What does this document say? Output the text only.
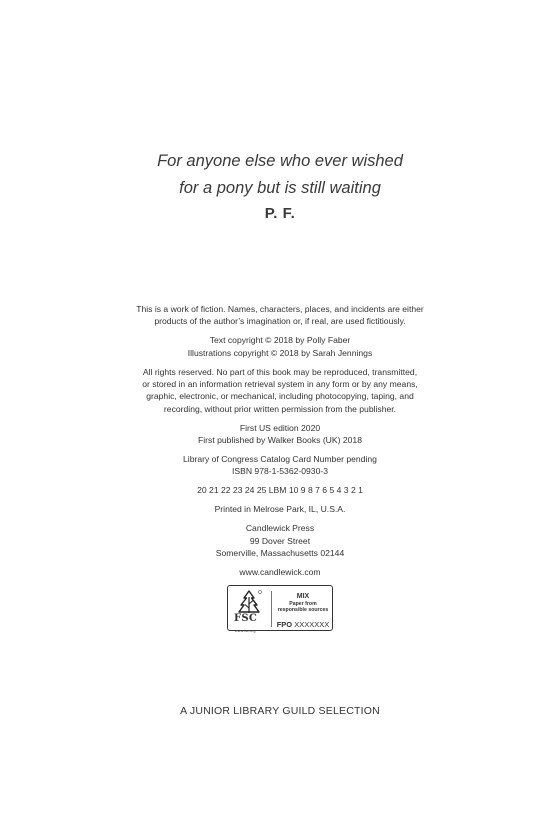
For anyone else who ever wished

for a pony but is still waiting

P. F.

This is a work of fiction. Names, characters, places, and incidents are either

products of the author’s imagination or, if real, are used fictitiously.

Text copyright © 2018 by Polly Faber

Illustrations copyright © 2018 by Sarah Jennings

All rights reserved. No part of this book may be reproduced, transmitted,

or stored in an information retrieval system in any form or by any means,

graphic, electronic, or mechanical, including photocopying, taping, and

recording, without prior written permission from the publisher.

First US edition 2020

First published by Walker Books (UK) 2018

Library of Congress Catalog Card Number pending

ISBN 978-1-5362-0930-3

20 21 22 23 24 25 LBM 10 9 8 7 6 5 4 3 2 1

Printed in Melrose Park, IL, U.S.A.

Candlewick Press

99 Dover Street

Somerville, Massachusetts 02144

www.candlewick.com

FSC
www.fsc.org
MIX
Paper from
responsible sources
FPO XXXXXXX
A JUNIOR LIBRARY GUILD SELECTION
